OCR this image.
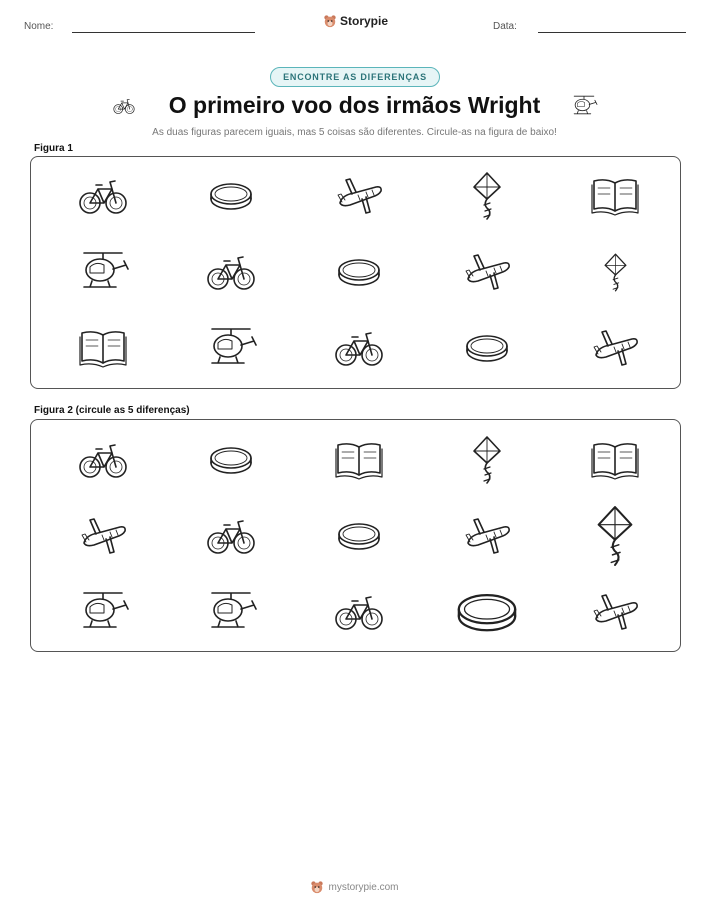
Nome:	Storypie	Data:
ENCONTRE AS DIFERENÇAS
O primeiro voo dos irmãos Wright
As duas figuras parecem iguais, mas 5 coisas são diferentes. Circule-as na figura de baixo!
Figura 1
Figura 2 (circule as 5 diferenças)
mystorypie.com
